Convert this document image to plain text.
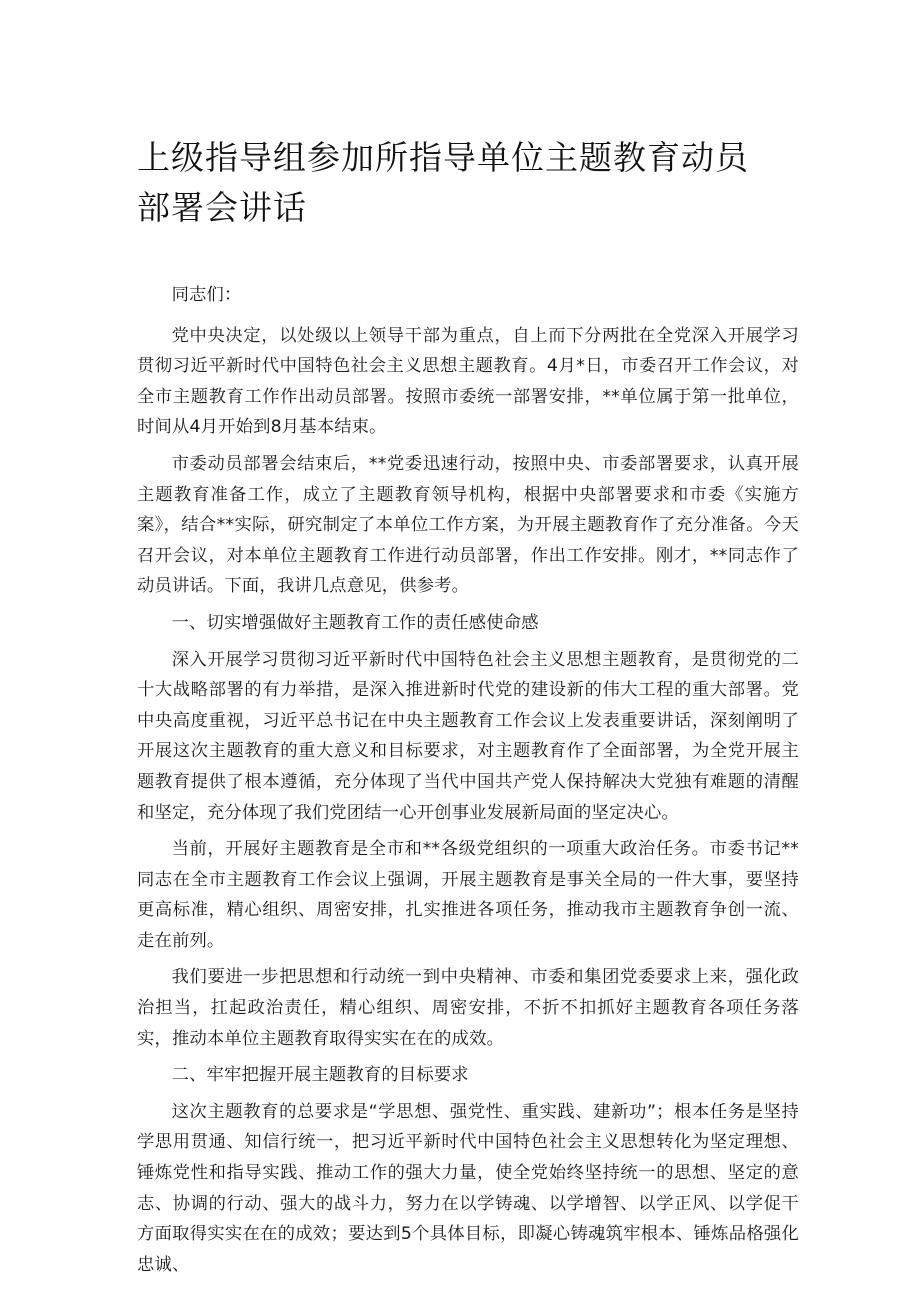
上级指导组参加所指导单位主题教育动员部署会讲话

同志们：

党中央决定，以处级以上领导干部为重点，自上而下分两批在全党深入开展学习贯彻习近平新时代中国特色社会主义思想主题教育。4月*日，市委召开工作会议，对全市主题教育工作作出动员部署。按照市委统一部署安排，**单位属于第一批单位，时间从4月开始到8月基本结束。

市委动员部署会结束后，**党委迅速行动，按照中央、市委部署要求，认真开展主题教育准备工作，成立了主题教育领导机构，根据中央部署要求和市委《实施方案》，结合**实际，研究制定了本单位工作方案，为开展主题教育作了充分准备。今天召开会议，对本单位主题教育工作进行动员部署，作出工作安排。刚才，**同志作了动员讲话。下面，我讲几点意见，供参考。

一、切实增强做好主题教育工作的责任感使命感

深入开展学习贯彻习近平新时代中国特色社会主义思想主题教育，是贯彻党的二十大战略部署的有力举措，是深入推进新时代党的建设新的伟大工程的重大部署。党中央高度重视，习近平总书记在中央主题教育工作会议上发表重要讲话，深刻阐明了开展这次主题教育的重大意义和目标要求，对主题教育作了全面部署，为全党开展主题教育提供了根本遵循，充分体现了当代中国共产党人保持解决大党独有难题的清醒和坚定，充分体现了我们党团结一心开创事业发展新局面的坚定决心。

当前，开展好主题教育是全市和**各级党组织的一项重大政治任务。市委书记**同志在全市主题教育工作会议上强调，开展主题教育是事关全局的一件大事，要坚持更高标准，精心组织、周密安排，扎实推进各项任务，推动我市主题教育争创一流、走在前列。

我们要进一步把思想和行动统一到中央精神、市委和集团党委要求上来，强化政治担当，扛起政治责任，精心组织、周密安排，不折不扣抓好主题教育各项任务落实，推动本单位主题教育取得实实在在的成效。

二、牢牢把握开展主题教育的目标要求

这次主题教育的总要求是“学思想、强党性、重实践、建新功”；根本任务是坚持学思用贯通、知信行统一，把习近平新时代中国特色社会主义思想转化为坚定理想、锤炼党性和指导实践、推动工作的强大力量，使全党始终坚持统一的思想、坚定的意志、协调的行动、强大的战斗力，努力在以学铸魂、以学增智、以学正风、以学促干方面取得实实在在的成效；要达到5个具体目标，即凝心铸魂筑牢根本、锤炼品格强化忠诚、
